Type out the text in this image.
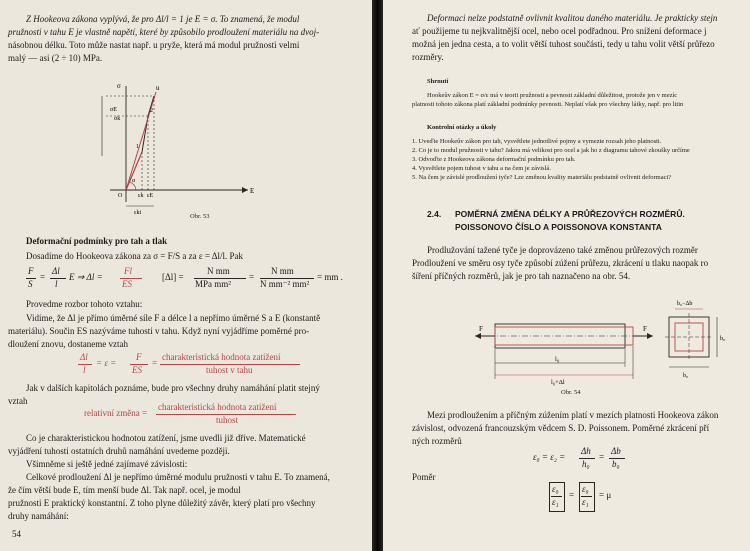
Z Hookeova zákona vyplývá, že pro Δl/l = 1 je E = σ. To znamená, že modul
pružnosti v tahu E je vlastně napětí, které by způsobilo prodloužení materiálu na dvoj-
násobnou délku. Toto může nastat např. u pryže, která má modul pružnosti velmi
malý — asi (2 ÷ 10) MPa.
σ	u
σE
σk
2
1
α
O	εk εE
εkt
E
Obr. 53
Deformační podmínky pro tah a tlak
Dosadíme do Hookeova zákona za σ = F/S a za ε = Δl/l. Pak
F
S
=
Δl
l
E ⇒ Δl =
Fl
ES
[Δl] =
N mm
MPa mm²
=
N mm
N mm⁻² mm²
= mm .
Provedme rozbor tohoto vztahu:
Vidíme, že Δl je přímo úměrné síle F a délce l a nepřímo úměrné S a E (konstantě
materiálu). Součin ES nazýváme tuhosti v tahu. Když nyní vyjádříme poměrné pro-
dloužení znovu, dostaneme vztah
Δl
l
= ε =
F
ES
=
charakteristická hodnota zatížení
tuhost v tahu
Jak v dalších kapitolách poznáme, bude pro všechny druhy namáhání platit stejný
vztah
relativní změna =
charakteristická hodnota zatížení
tuhost
Co je charakteristickou hodnotou zatížení, jsme uvedli již dříve. Matematické
vyjádření tuhosti ostatních druhů namáhání uvedeme později.
Všimněme si ještě jedné zajímavé závislosti:
Celkové prodloužení Δl je nepřímo úměrné modulu pružnosti v tahu E. To znamená,
že čím větší bude E, tím menší bude Δl. Tak např. ocel, je modul
pružnosti E praktický konstantní. Z toho plyne důležitý závěr, který platí pro všechny
druhy namáhání:
54
Deformaci nelze podstatně ovlivnit kvalitou daného materiálu. Je prakticky stejn
ať použijeme tu nejkvalitnější ocel, nebo ocel podřadnou. Pro snížení deformace j
možná jen jedna cesta, a to volit větší tuhost součásti, tedy u tahu volit větší průřezo
rozměry.
Shrnutí
Hookeův zákon E = σ/ε má v teorii pružnosti a pevnosti základní důležitost, protože jen v mezíc
platnosti tohoto zákona platí základní podmínky pevnosti. Neplatí však pro všechny látky, např. pro litin
Kontrolní otázky a úkoly
1. Uveďte Hookeův zákon pro tah, vysvětlete jednotlivé pojmy a vymezte rozsah jeho platnosti.
2. Co je to modul pružnosti v tahu? Jakou má velikost pro ocel a jak ho z diagramu tahové zkoušky určíme
3. Odvoďte z Hookeova zákona deformační podmínku pro tah.
4. Vysvětlete pojem tuhost v tahu a na čem je závislá.
5. Na čem je závislé prodloužení tyče? Lze změnou kvality materiálu podstatně ovlivnit deformaci?
2.4. POMĚRNÁ ZMĚNA DÉLKY A PRŮŘEZOVÝCH ROZMĚRŮ.
POISSONOVO ČÍSLO A POISSONOVA KONSTANTA
Prodlužování tažené tyče je doprovázeno také změnou průřezových rozměr
Prodloužení ve směru osy tyče způsobí zúžení průřezu, zkrácení u tlaku naopak ro
šíření příčných rozměrů, jak je pro tah naznačeno na obr. 54.
F	F
l₀
l₀+Δl
b₀−Δb
b₀
b₀
Obr. 54
Mezi prodloužením a příčným zúžením platí v mezích platnosti Hookeova zákon
závislost, odvozená francouzským vědcem S. D. Poissonem. Poměrné zkrácení pří
ných rozměrů
ε₀ = ε₂ =
Δh
h₀
=
Δb
b₀
Poměr
ε₀
ε₁
=
ε₀
ε₁
= μ
